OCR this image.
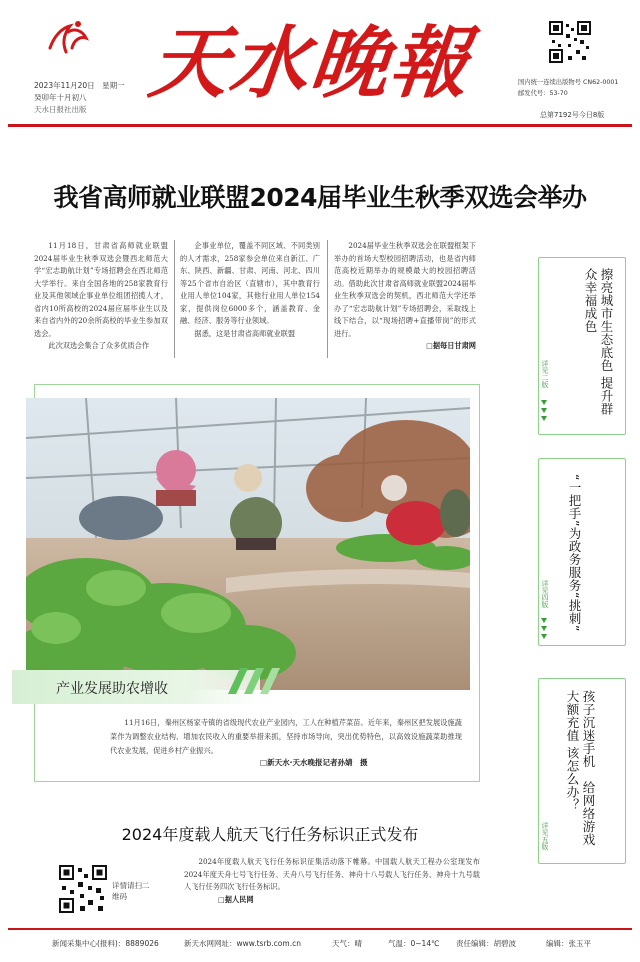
2023年11月20日　星期一
癸卯年十月初八
天水日报社出版
天水晚報	国内统一连续出版物号 CN62-0001
邮发代号：53-70
总第7192号今日8版
我省高师就业联盟2024届毕业生秋季双选会举办

11月18日，甘肃省高师就业联盟2024届毕业生秋季双选会暨西北师范大学“宏志助航计划”专场招聘会在西北师范大学举行。来自全国各地的258家教育行业及其他领域企事业单位组团招揽人才，省内10所高校的2024届应届毕业生以及来自省内外的20余所高校的毕业生参加双选会。

此次双选会集合了众多优质合作

企事业单位，覆盖不同区域、不同类别的人才需求，258家参会单位来自新江、广东、陕西、新疆、甘肃、河南、河北、四川等25个省市自治区（直辖市），其中教育行业用人单位104家，其他行业用人单位154家，提供岗位6000多个，涵盖教育、金融、经济、服务等行业领域。

据悉，这是甘肃省高师就业联盟

2024届毕业生秋季双选会在联盟框架下举办的首场大型校园招聘活动，也是省内师范高校近期举办的规模最大的校园招聘活动。借助此次甘肃省高师就业联盟2024届毕业生秋季双选会的契机，西北师范大学还举办了“宏志助航计划”专场招聘会，采取线上线下结合，以“现场招聘+直播带岗”的形式进行。

□据每日甘肃网
产业发展助农增收

11月16日，秦州区杨家寺镇的省级现代农业产业园内，工人在种植芹菜苗。近年来，秦州区把发展设施蔬菜作为调整农业结构、增加农民收入的重要举措来抓，坚持市场导向，突出优势特色，以高效设施蔬菜助推现代农业发展，促进乡村产业振兴。

□新天水·天水晚报记者孙婧　摄
擦亮城市生态底色 提升群众幸福成色
详见二版
“一把手”为政务服务“挑刺”
详见四版
孩子沉迷手机　给网络游戏大额充值 该怎么办？
详见五版
2024年度载人航天飞行任务标识正式发布
详情请扫二维码

2024年度载人航天飞行任务标识征集活动落下帷幕。中国载人航天工程办公室现发布2024年度天舟七号飞行任务、天舟八号飞行任务、神舟十八号载人飞行任务、神舟十九号载人飞行任务四次飞行任务标识。

□据人民网
新闻采集中心(报料)：8889026	新天水网网址：www.tsrb.com.cn	天气：晴	气温：0~14℃ 责任编辑：胡碧波	编辑：张玉平
